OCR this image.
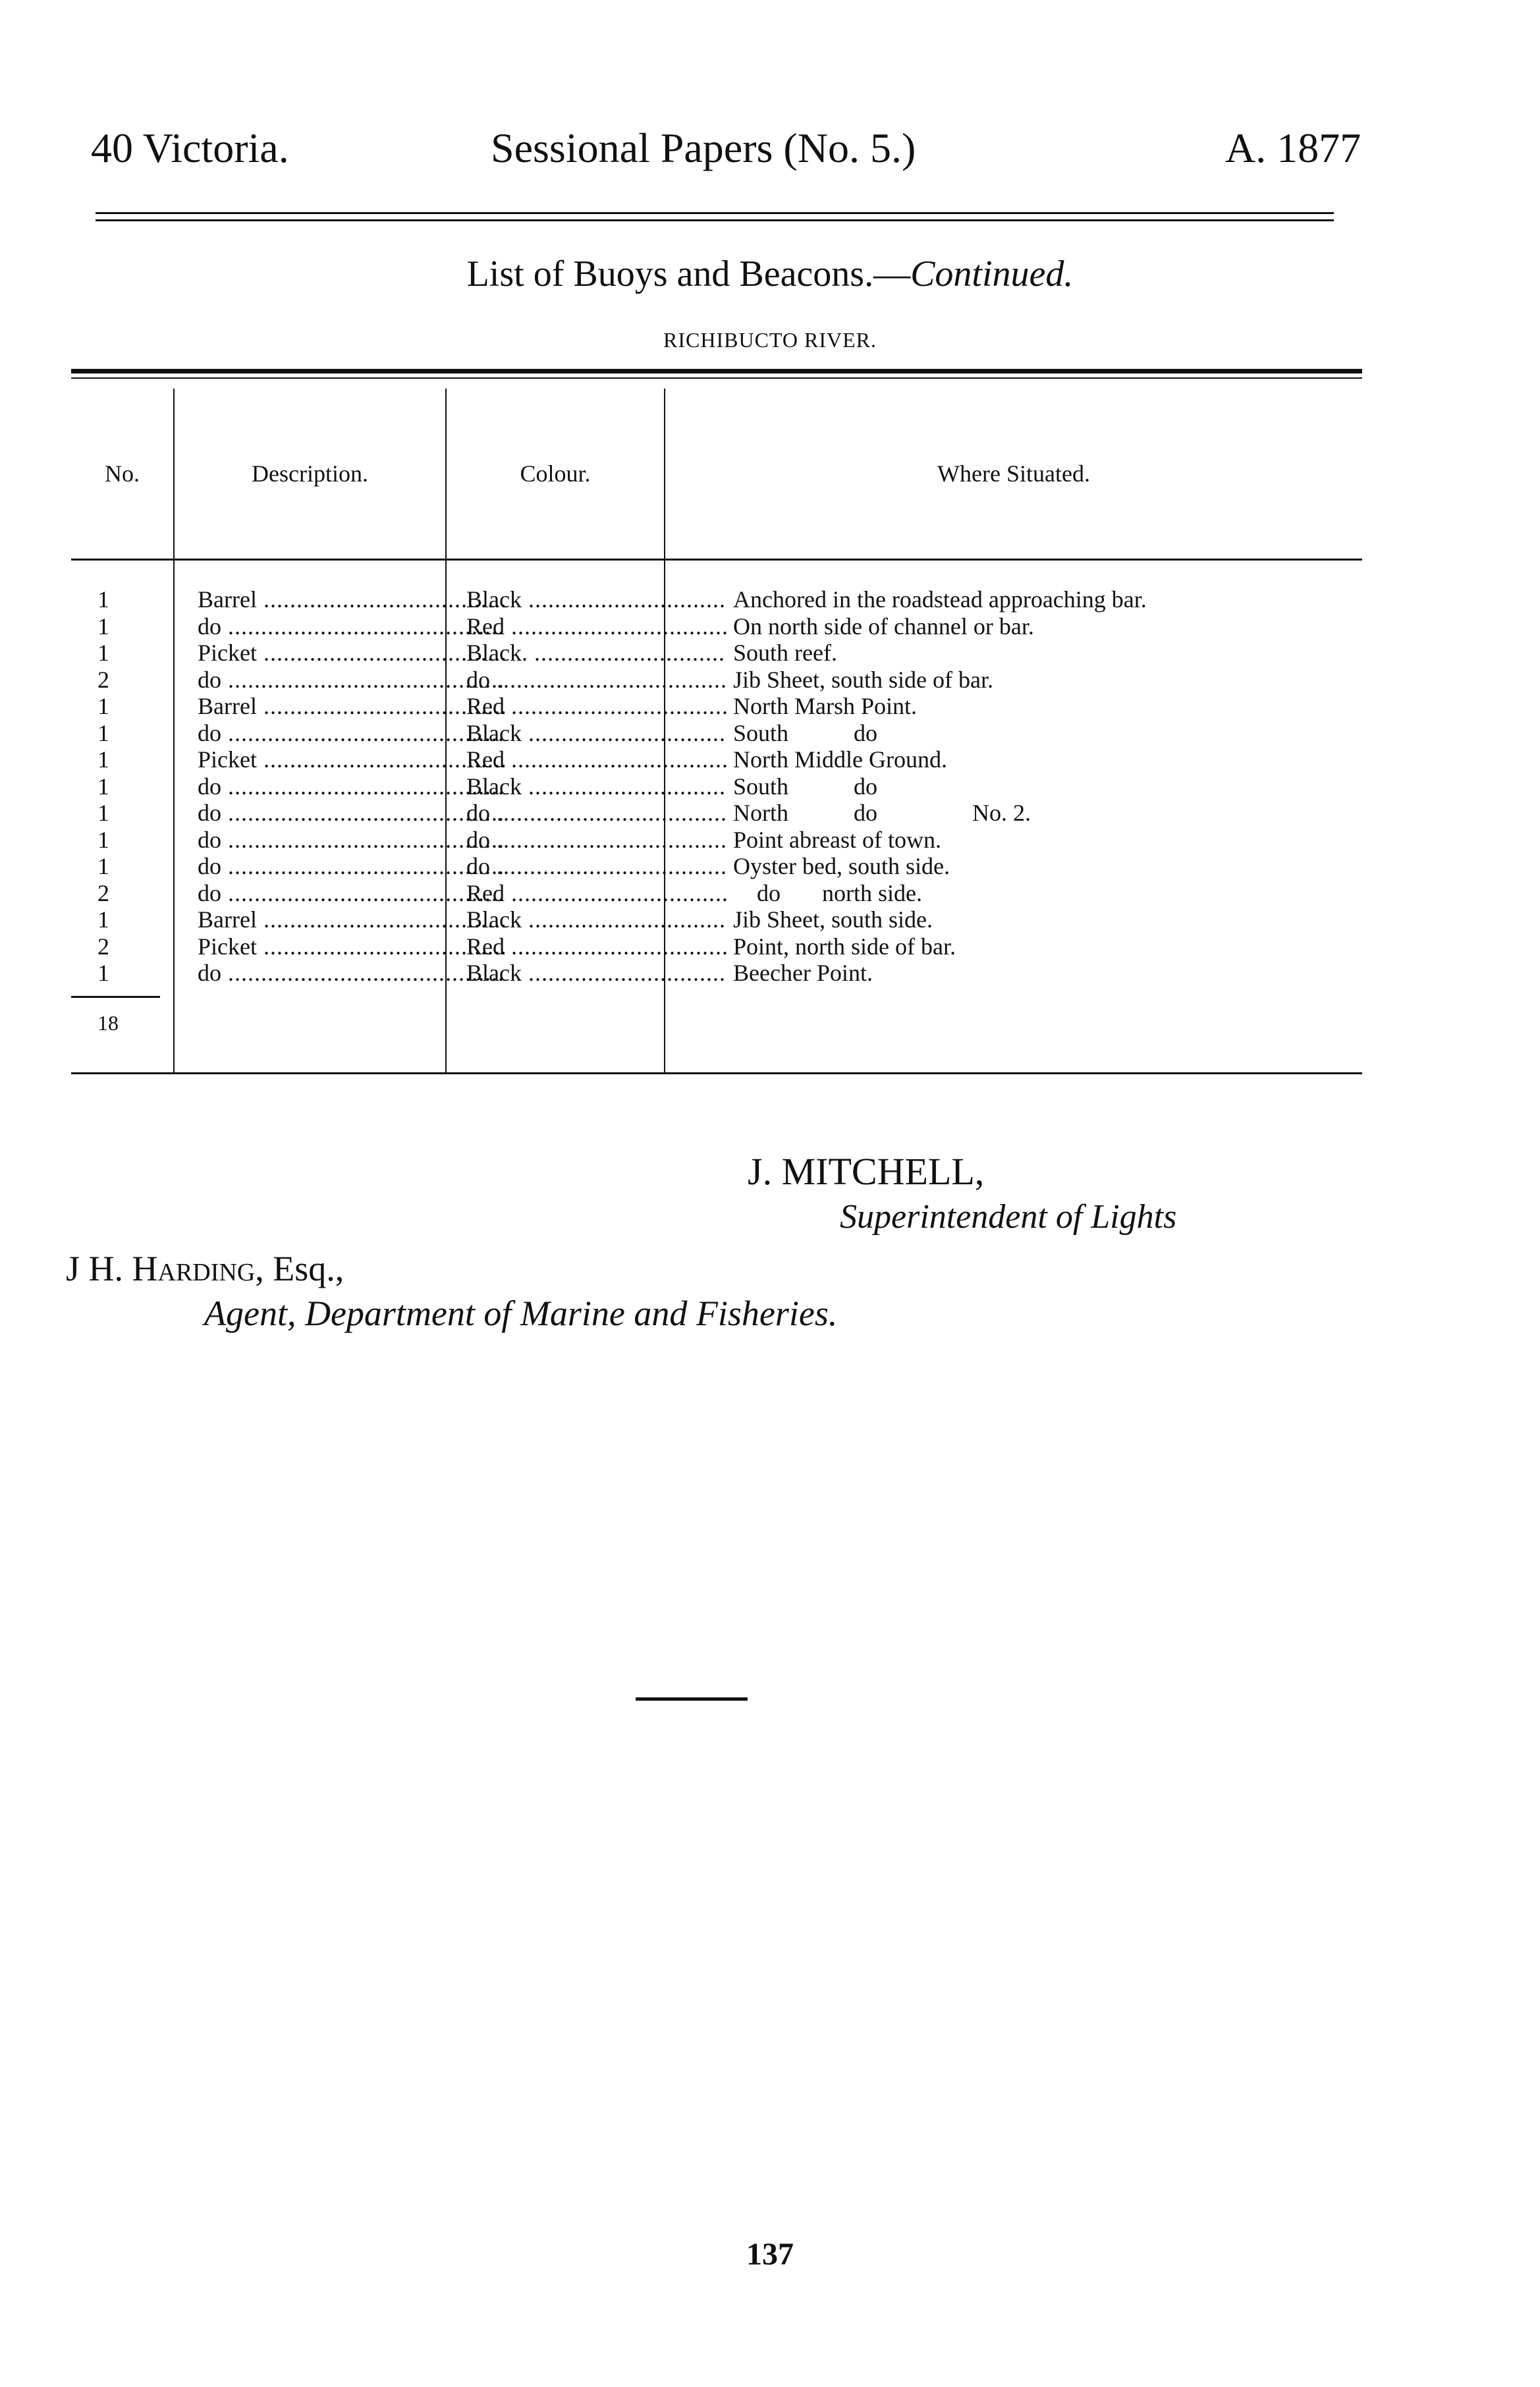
40 Victoria.	Sessional Papers (No. 5.)	A. 1877
List of Buoys and Beacons.—Continued.
RICHIBUCTO RIVER.
No.	Description.	Colour.	Where Situated.
1	Barrel .....	Black .....	Anchored in the roadstead approaching bar.
1	do .....	Red .....	On north side of channel or bar.
1	Picket .....	Black. .....	South reef.
2	do .....	do .....	Jib Sheet, south side of bar.
1	Barrel .....	Red .....	North Marsh Point.
1	do .....	Black .....	South           do
1	Picket .....	Red .....	North Middle Ground.
1	do .....	Black .....	South           do
1	do .....	do .....	North           do                No. 2.
1	do .....	do .....	Point abreast of town.
1	do .....	do .....	Oyster bed, south side.
2	do .....	Red .....	do       north side.
1	Barrel .....	Black .....	Jib Sheet, south side.
2	Picket .....	Red .....	Point, north side of bar.
1	do .....	Black .....	Beecher Point.
18
J. MITCHELL,
Superintendent of Lights
J H. Harding, Esq.,
Agent, Department of Marine and Fisheries.
137
